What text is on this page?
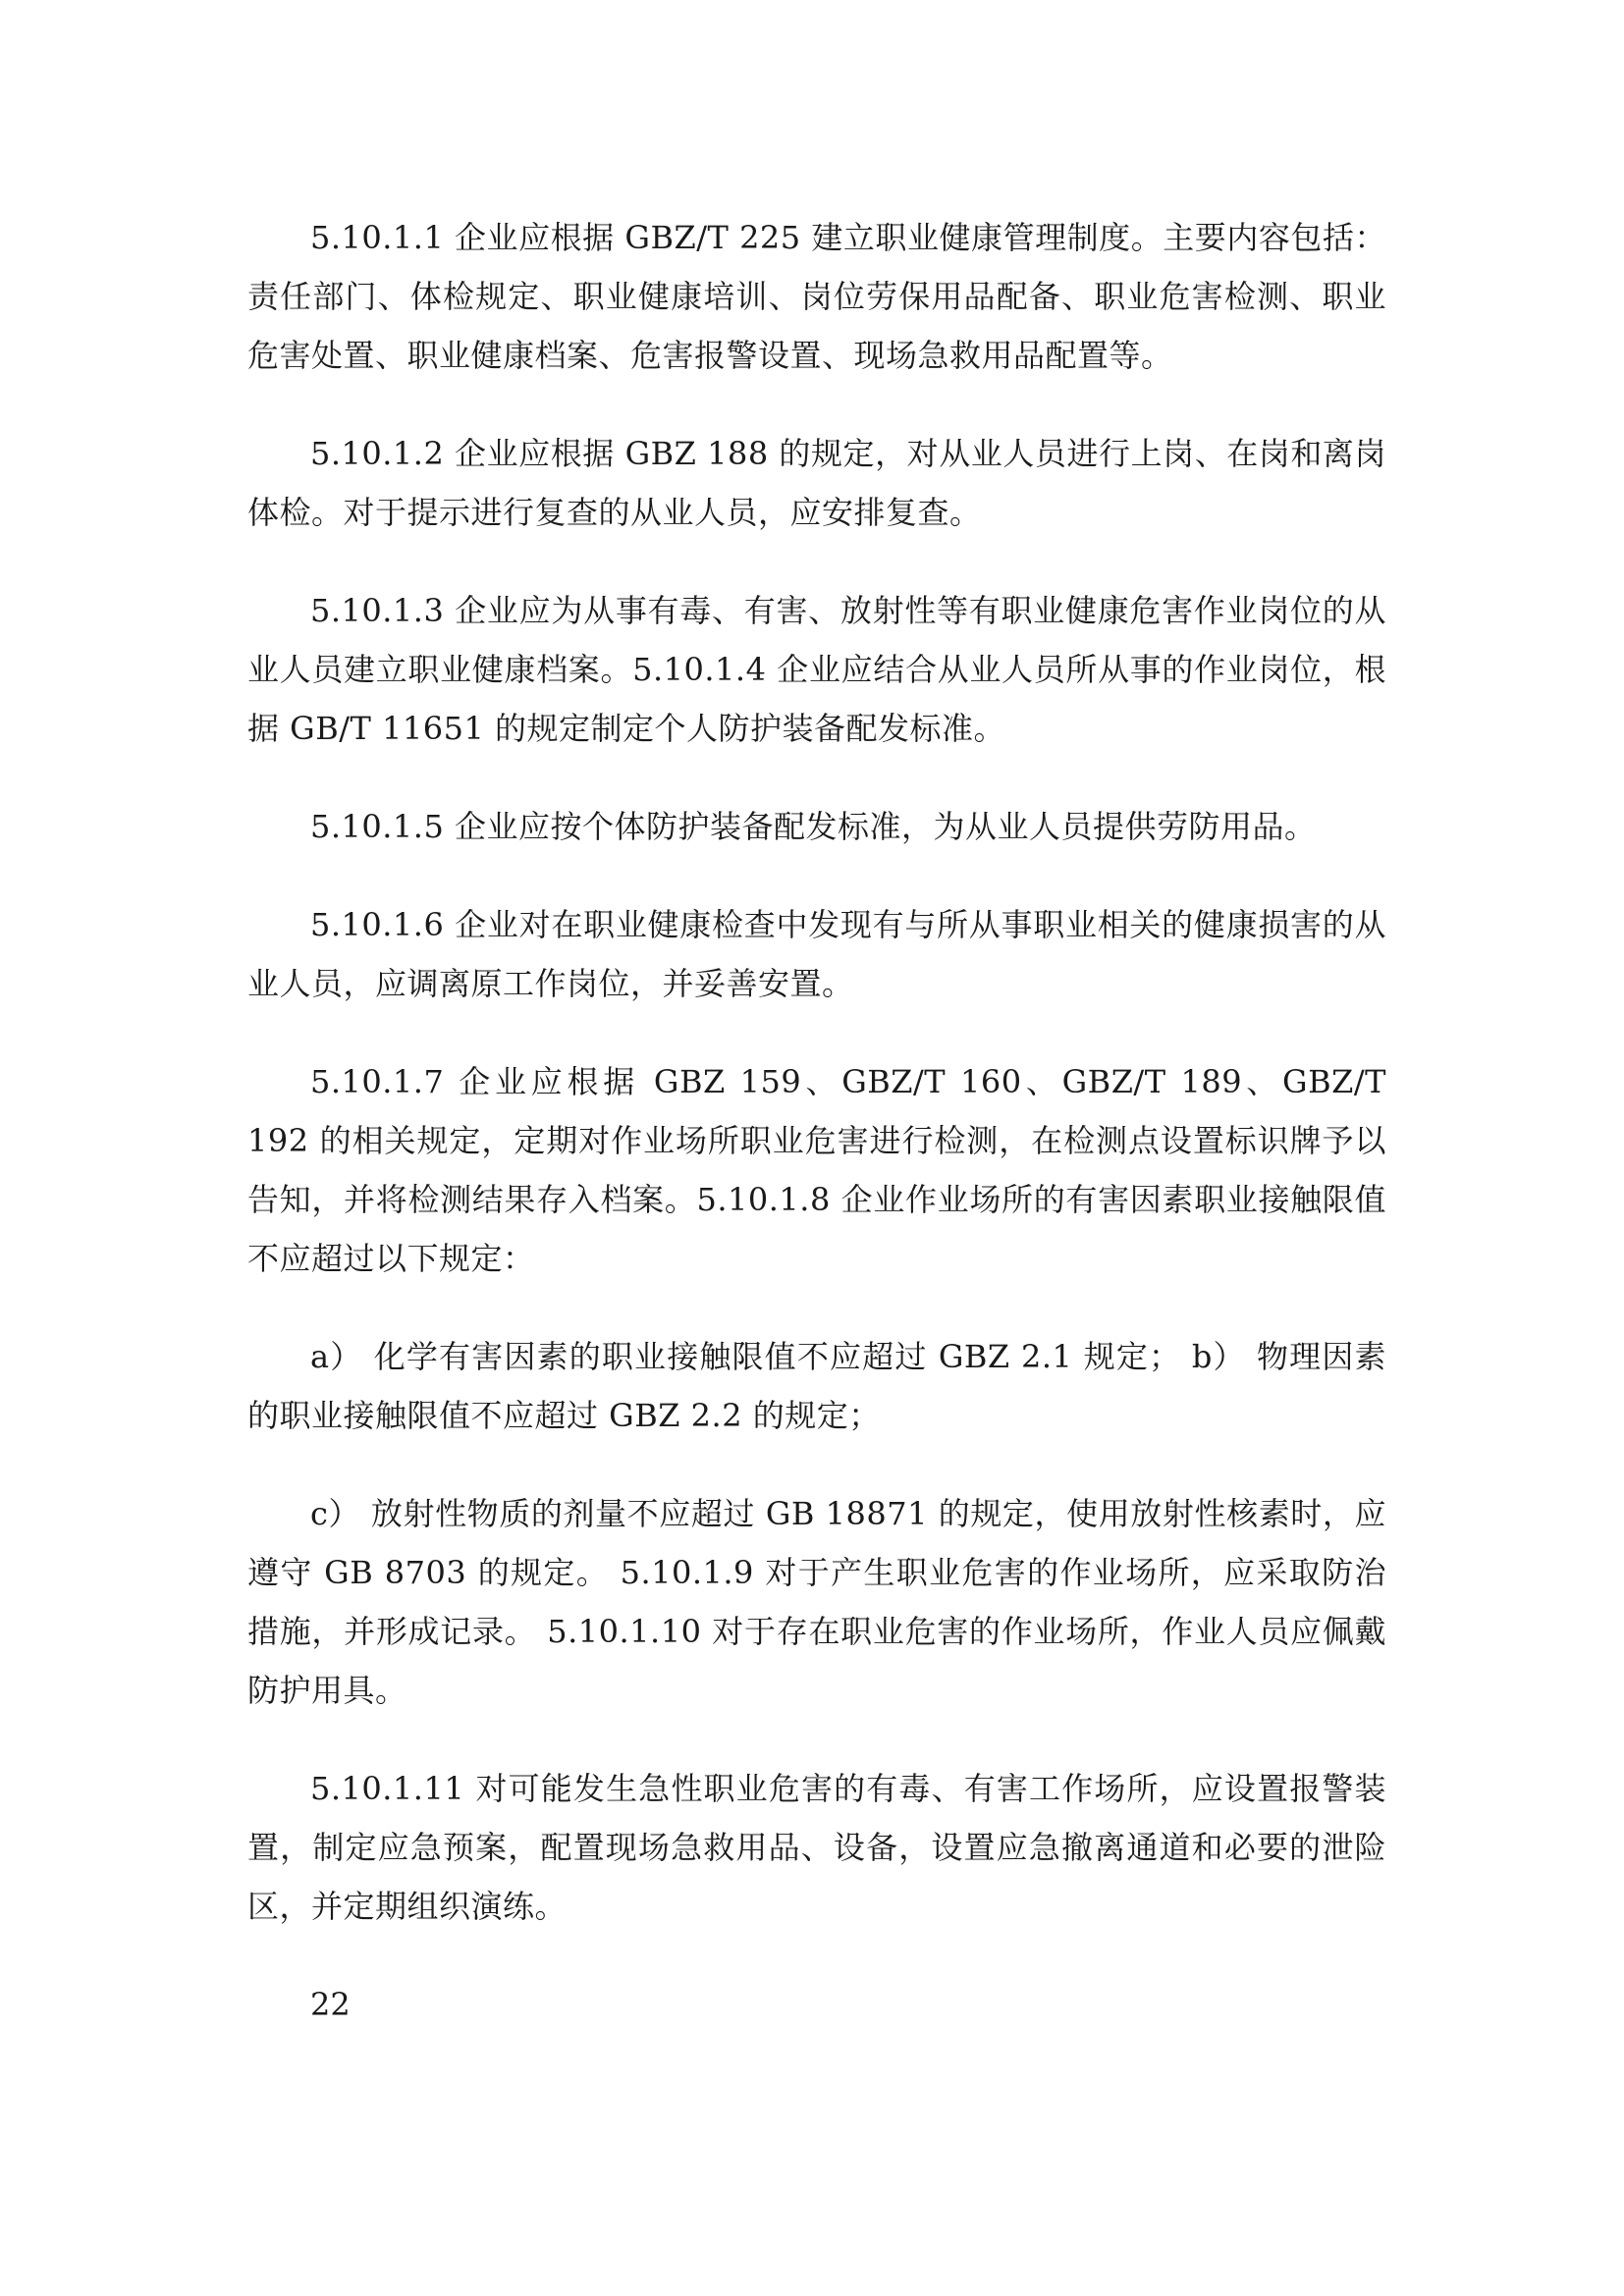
5.10.1.1 企业应根据 GBZ/T 225 建立职业健康管理制度。主要内容包括：责任部门、体检规定、职业健康培训、岗位劳保用品配备、职业危害检测、职业危害处置、职业健康档案、危害报警设置、现场急救用品配置等。

5.10.1.2 企业应根据 GBZ 188 的规定，对从业人员进行上岗、在岗和离岗体检。对于提示进行复查的从业人员，应安排复查。

5.10.1.3 企业应为从事有毒、有害、放射性等有职业健康危害作业岗位的从业人员建立职业健康档案。5.10.1.4 企业应结合从业人员所从事的作业岗位，根据 GB/T 11651 的规定制定个人防护装备配发标准。

5.10.1.5 企业应按个体防护装备配发标准，为从业人员提供劳防用品。

5.10.1.6 企业对在职业健康检查中发现有与所从事职业相关的健康损害的从业人员，应调离原工作岗位，并妥善安置。

5.10.1.7 企业应根据 GBZ 159、GBZ/T 160、GBZ/T 189、GBZ/T 192 的相关规定，定期对作业场所职业危害进行检测，在检测点设置标识牌予以告知，并将检测结果存入档案。5.10.1.8 企业作业场所的有害因素职业接触限值不应超过以下规定：

a） 化学有害因素的职业接触限值不应超过 GBZ 2.1 规定； b） 物理因素的职业接触限值不应超过 GBZ 2.2 的规定；

c） 放射性物质的剂量不应超过 GB 18871 的规定，使用放射性核素时，应遵守 GB 8703 的规定。 5.10.1.9 对于产生职业危害的作业场所，应采取防治措施，并形成记录。 5.10.1.10 对于存在职业危害的作业场所，作业人员应佩戴防护用具。

5.10.1.11 对可能发生急性职业危害的有毒、有害工作场所，应设置报警装置，制定应急预案，配置现场急救用品、设备，设置应急撤离通道和必要的泄险区，并定期组织演练。

22
